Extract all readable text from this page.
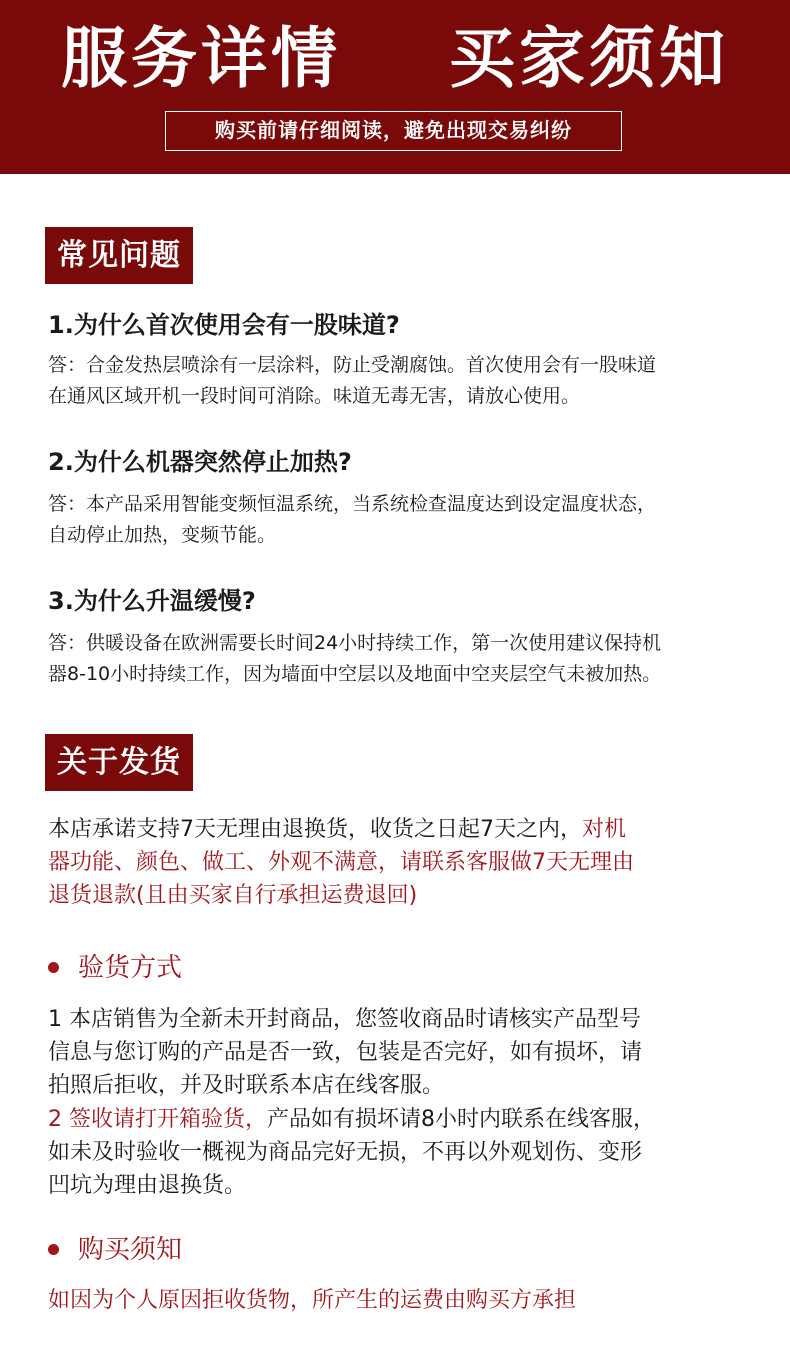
服务详情    买家须知
购买前请仔细阅读，避免出现交易纠纷
常见问题
1.为什么首次使用会有一股味道?
答：合金发热层喷涂有一层涂料，防止受潮腐蚀。首次使用会有一股味道
在通风区域开机一段时间可消除。味道无毒无害，请放心使用。
2.为什么机器突然停止加热?
答：本产品采用智能变频恒温系统，当系统检查温度达到设定温度状态，
自动停止加热，变频节能。
3.为什么升温缓慢?
答：供暖设备在欧洲需要长时间24小时持续工作，第一次使用建议保持机
器8-10小时持续工作，因为墙面中空层以及地面中空夹层空气未被加热。
关于发货
本店承诺支持7天无理由退换货，收货之日起7天之内，对机
器功能、颜色、做工、外观不满意，请联系客服做7天无理由
退货退款(且由买家自行承担运费退回)
验货方式
1 本店销售为全新未开封商品，您签收商品时请核实产品型号
信息与您订购的产品是否一致，包装是否完好，如有损坏，请
拍照后拒收，并及时联系本店在线客服。
2 签收请打开箱验货，产品如有损坏请8小时内联系在线客服，
如未及时验收一概视为商品完好无损，不再以外观划伤、变形
凹坑为理由退换货。
购买须知
如因为个人原因拒收货物，所产生的运费由购买方承担
